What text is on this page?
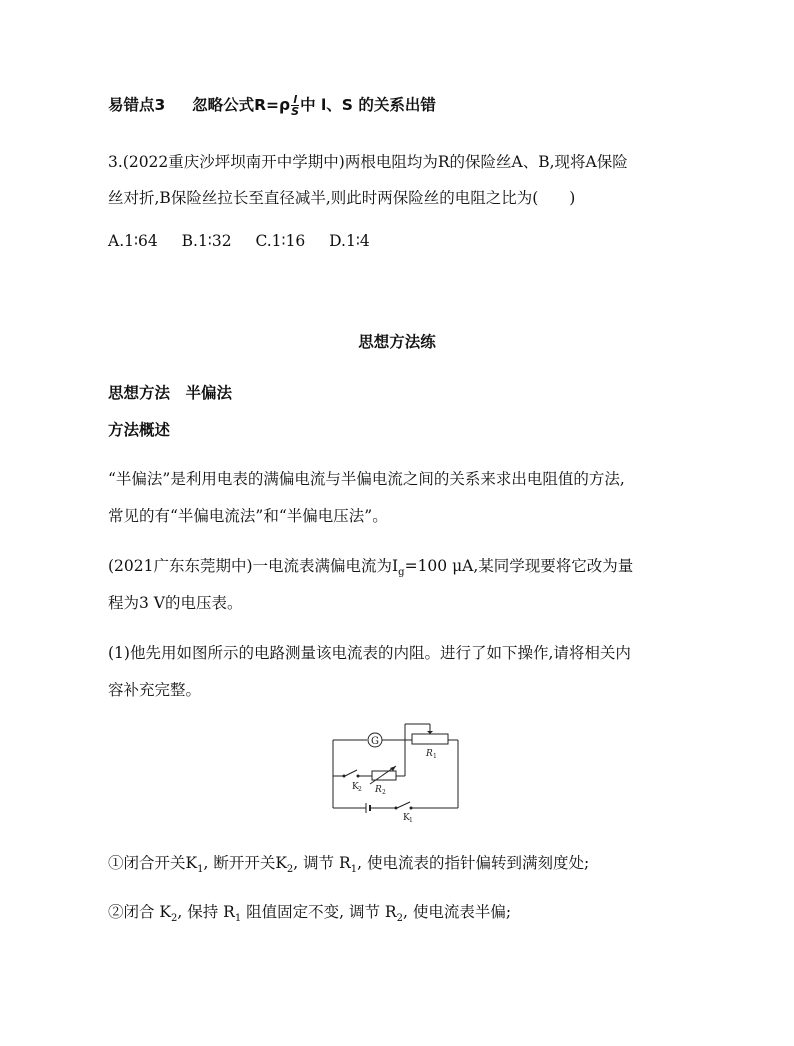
易错点3 忽略公式$R=\rho \frac{l}{S}$ 中 l、S 的关系出错
3.(2022重庆沙坪坝南开中学期中)两根电阻均为R的保险丝A、B,现将A保险
丝对折,B保险丝拉长至直径减半,则此时两保险丝的电阻之比为(　　)
A.1∶64 B.1∶32 C.1∶16 D.1∶4
思想方法练
思想方法　半偏法
方法概述
“半偏法”是利用电表的满偏电流与半偏电流之间的关系来求出电阻值的方法,
常见的有“半偏电流法”和“半偏电压法”。
(2021广东东莞期中)一电流表满偏电流为$I_g=100$ μA,某同学现要将它改为量
程为3 V的电压表。
(1)他先用如图所示的电路测量该电流表的内阻。进行了如下操作,请将相关内
容补充完整。
G
R 1
R 2
K 2
K 1
①闭合开关$K_1$, 断开开关$K_2$, 调节 $R_1$, 使电流表的指针偏转到满刻度处;
②闭合 $K_2$, 保持 $R_1$ 阻值固定不变, 调节 $R_2$, 使电流表半偏;
